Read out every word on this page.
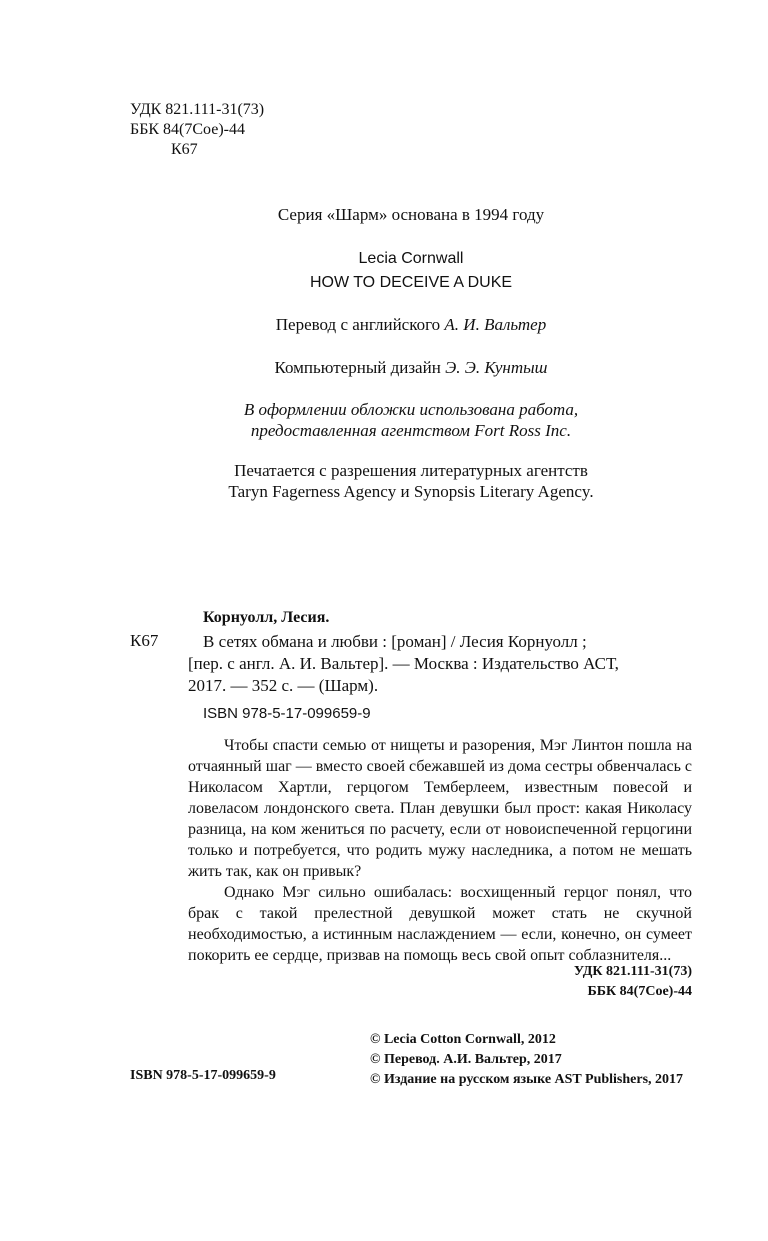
УДК 821.111-31(73)
ББК 84(7Сое)-44
К67
Серия «Шарм» основана в 1994 году
Lecia Cornwall
HOW TO DECEIVE A DUKE
Перевод с английского А. И. Вальтер
Компьютерный дизайн Э. Э. Кунтыш
В оформлении обложки использована работа,
предоставленная агентством Fort Ross Inc.
Печатается с разрешения литературных агентств
Taryn Fagerness Agency и Synopsis Literary Agency.
Корнуолл, Лесия.
К67	В сетях обмана и любви : [роман] / Лесия Корнуолл ;
[пер. с англ. А. И. Вальтер]. — Москва : Издательство АСТ,
2017. — 352 с. — (Шарм).
ISBN 978-5-17-099659-9

Чтобы спасти семью от нищеты и разорения, Мэг Линтон пошла на отчаянный шаг — вместо своей сбежавшей из дома сестры обвенчалась с Николасом Хартли, герцогом Темберлеем, известным повесой и ловеласом лондонского света. План девушки был прост: какая Николасу разница, на ком жениться по расчету, если от новоиспеченной герцогини только и потребуется, что родить мужу наследника, а потом не мешать жить так, как он привык?

Однако Мэг сильно ошибалась: восхищенный герцог понял, что брак с такой прелестной девушкой может стать не скучной необходимостью, а истинным наслаждением — если, конечно, он сумеет покорить ее сердце, призвав на помощь весь свой опыт соблазнителя...

УДК 821.111-31(73)
ББК 84(7Сое)-44
© Lecia Cotton Cornwall, 2012
© Перевод. А.И. Вальтер, 2017
© Издание на русском языке AST Publishers, 2017
ISBN 978-5-17-099659-9
